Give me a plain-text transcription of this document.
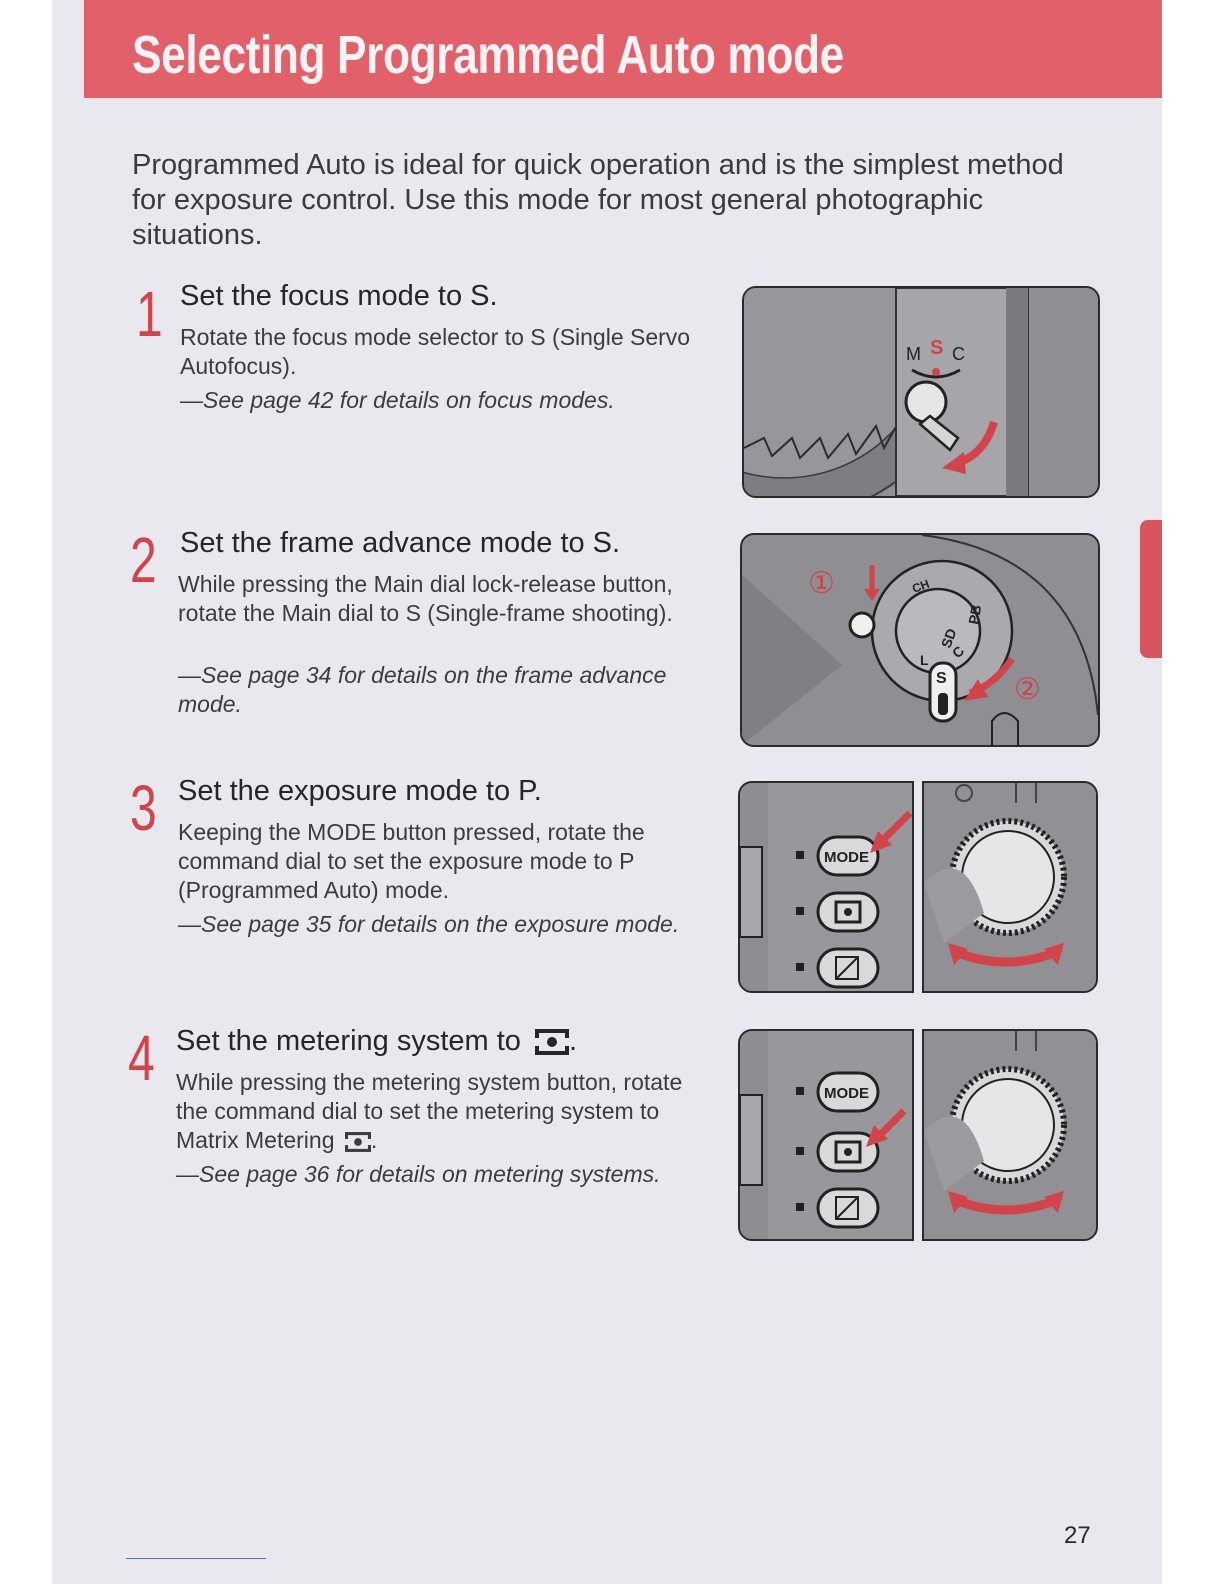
Selecting Programmed Auto mode
Programmed Auto is ideal for quick operation and is the simplest method for exposure control. Use this mode for most general photographic situations.
1 Set the focus mode to S.
Rotate the focus mode selector to S (Single Servo Autofocus).
—See page 42 for details on focus modes.
2 Set the frame advance mode to S.
While pressing the Main dial lock-release button, rotate the Main dial to S (Single-frame shooting).
—See page 34 for details on the frame advance mode.
3 Set the exposure mode to P.
Keeping the MODE button pressed, rotate the command dial to set the exposure mode to P (Programmed Auto) mode.
—See page 35 for details on the exposure mode.
4 Set the metering system to .
While pressing the metering system button, rotate the command dial to set the metering system to Matrix Metering .
—See page 36 for details on metering systems.
M S C
①
SD
PB
CH
L C
S ②
MODE
MODE
27
